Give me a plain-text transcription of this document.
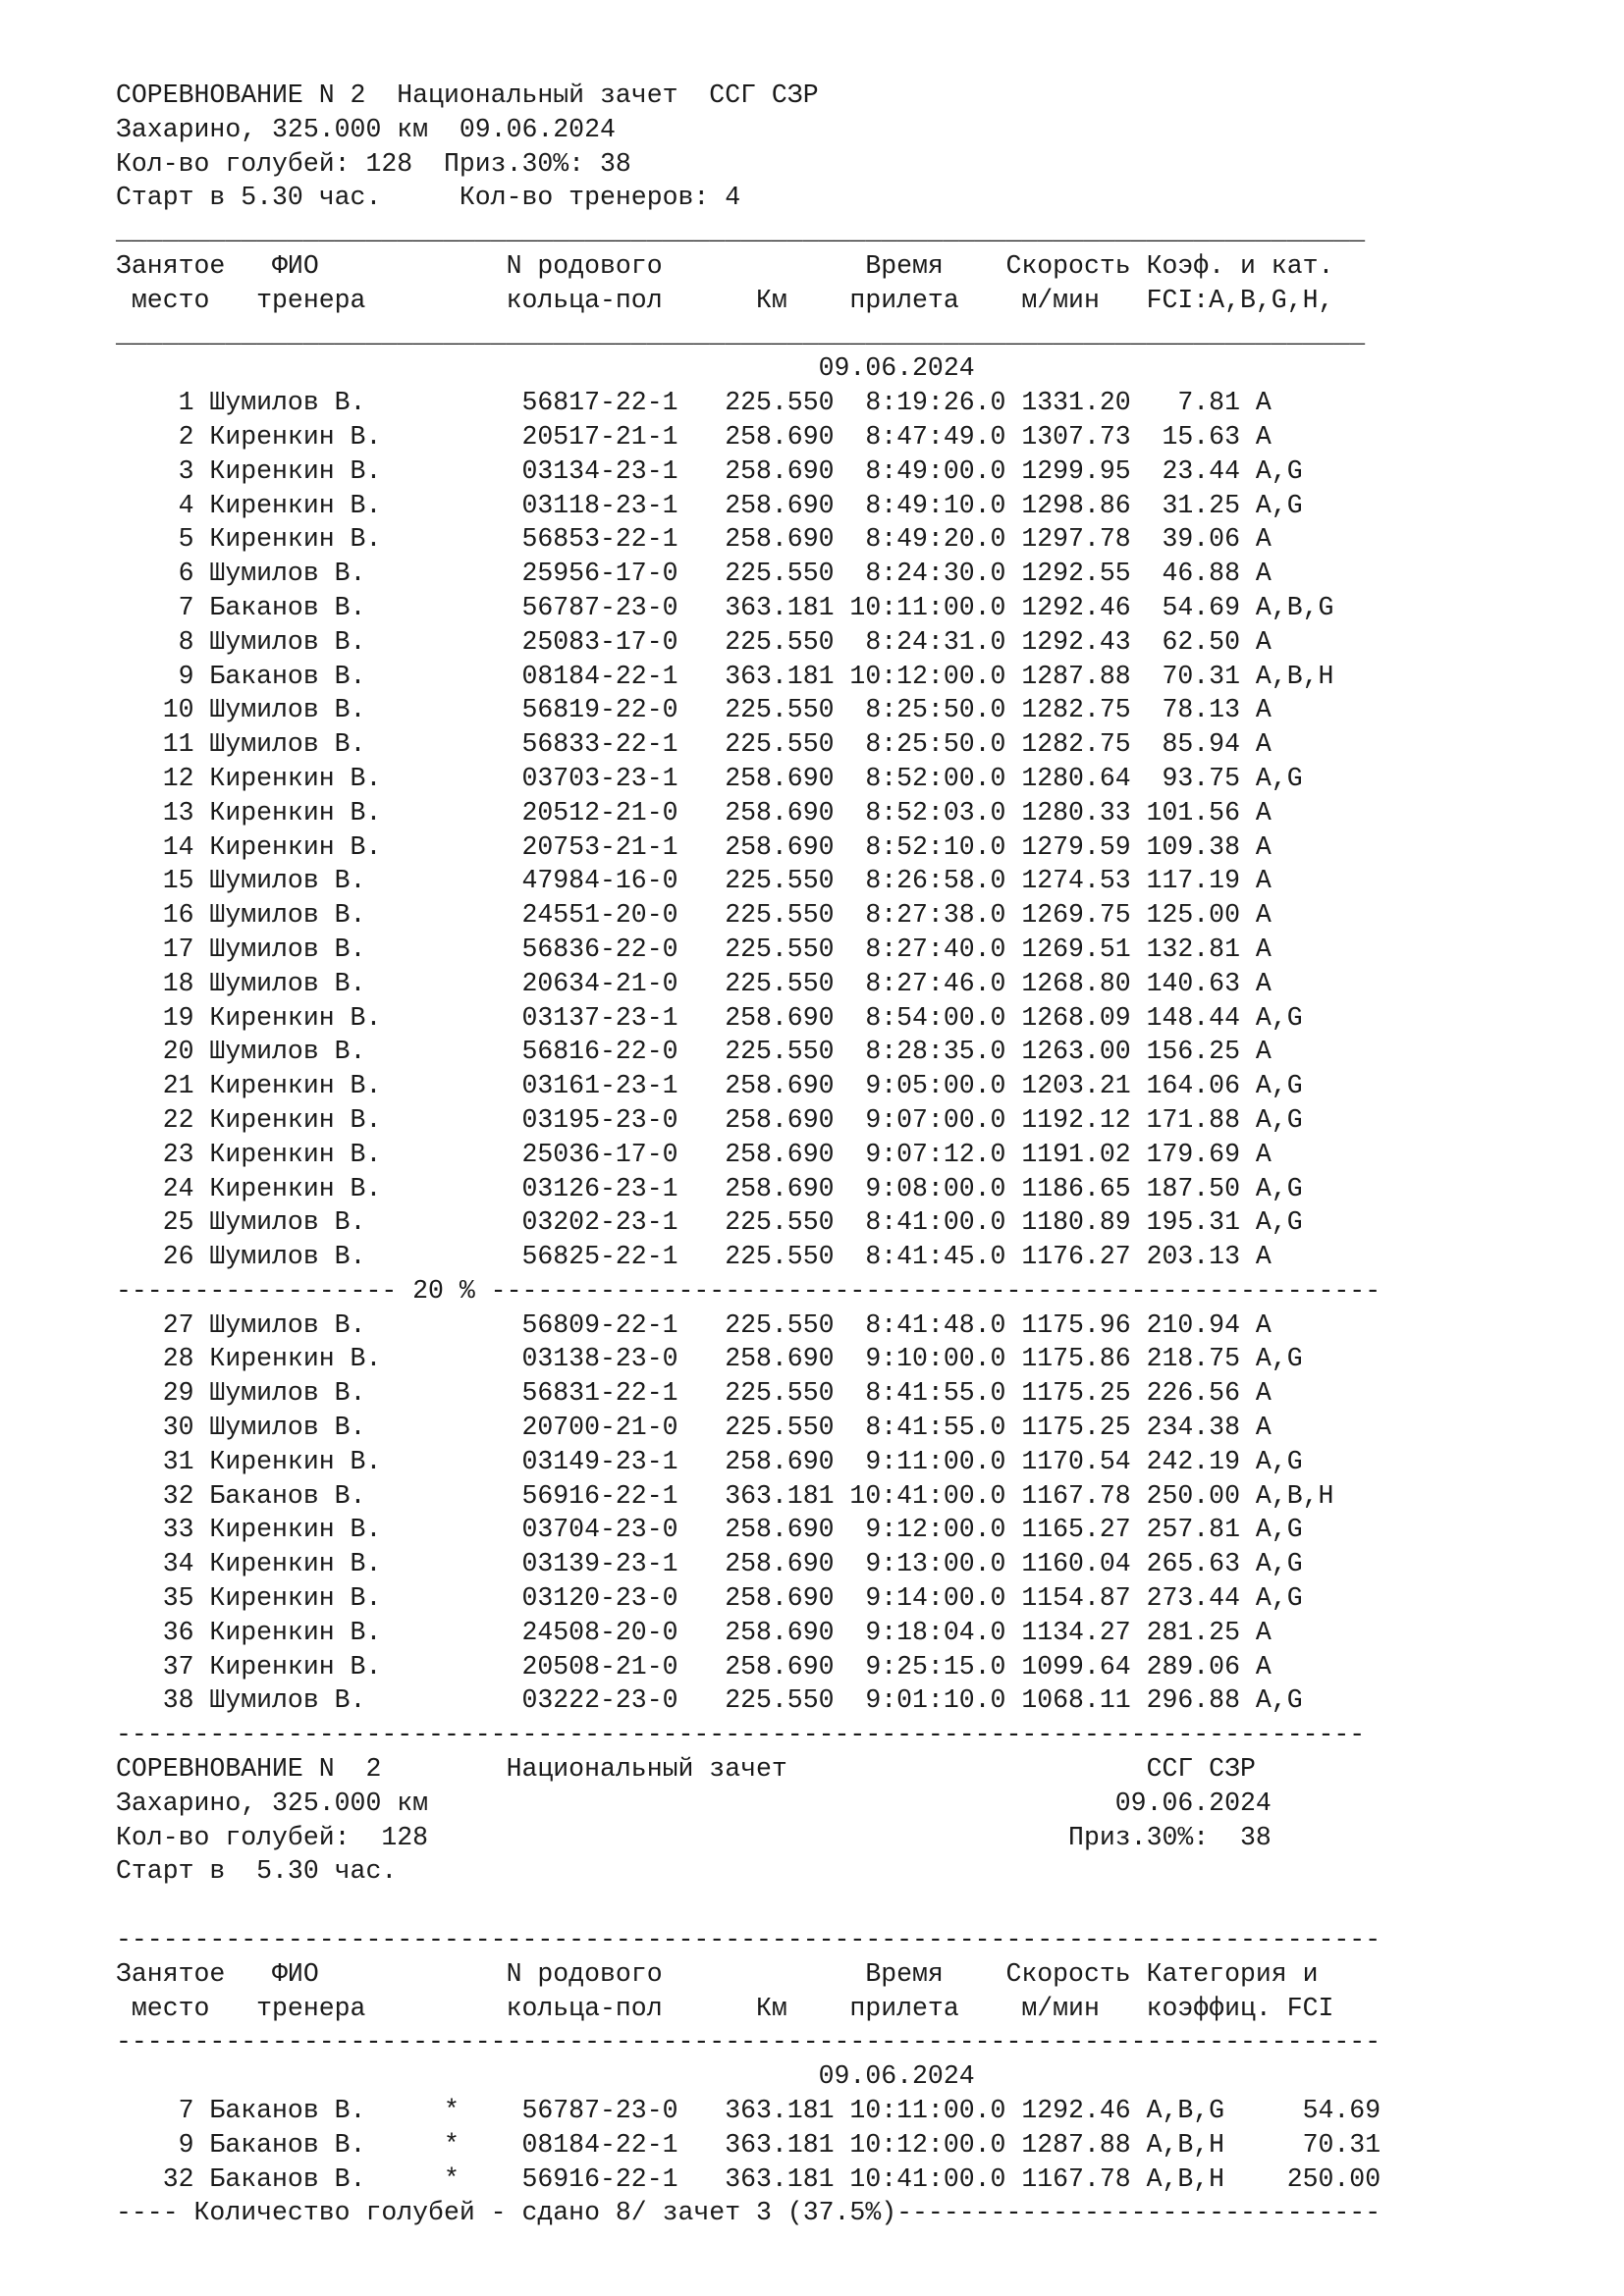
СОРЕВНОВАНИЕ N 2  Национальный зачет  ССГ СЗР
Захарино, 325.000 км  09.06.2024
Кол-во голубей: 128  Приз.30%: 38
Старт в 5.30 час.     Кол-во тренеров: 4
________________________________________________________________________________
Занятое   ФИО            N родового             Время    Скорость Коэф. и кат.
место   тренера         кольца-пол      Км    прилета    м/мин   FCI:A,B,G,H,
________________________________________________________________________________
09.06.2024
1 Шумилов В.          56817-22-1   225.550  8:19:26.0 1331.20   7.81 A
2 Киренкин В.         20517-21-1   258.690  8:47:49.0 1307.73  15.63 A
3 Киренкин В.         03134-23-1   258.690  8:49:00.0 1299.95  23.44 A,G
4 Киренкин В.         03118-23-1   258.690  8:49:10.0 1298.86  31.25 A,G
5 Киренкин В.         56853-22-1   258.690  8:49:20.0 1297.78  39.06 A
6 Шумилов В.          25956-17-0   225.550  8:24:30.0 1292.55  46.88 A
7 Баканов В.          56787-23-0   363.181 10:11:00.0 1292.46  54.69 A,B,G
8 Шумилов В.          25083-17-0   225.550  8:24:31.0 1292.43  62.50 A
9 Баканов В.          08184-22-1   363.181 10:12:00.0 1287.88  70.31 A,B,H
10 Шумилов В.          56819-22-0   225.550  8:25:50.0 1282.75  78.13 A
11 Шумилов В.          56833-22-1   225.550  8:25:50.0 1282.75  85.94 A
12 Киренкин В.         03703-23-1   258.690  8:52:00.0 1280.64  93.75 A,G
13 Киренкин В.         20512-21-0   258.690  8:52:03.0 1280.33 101.56 A
14 Киренкин В.         20753-21-1   258.690  8:52:10.0 1279.59 109.38 A
15 Шумилов В.          47984-16-0   225.550  8:26:58.0 1274.53 117.19 A
16 Шумилов В.          24551-20-0   225.550  8:27:38.0 1269.75 125.00 A
17 Шумилов В.          56836-22-0   225.550  8:27:40.0 1269.51 132.81 A
18 Шумилов В.          20634-21-0   225.550  8:27:46.0 1268.80 140.63 A
19 Киренкин В.         03137-23-1   258.690  8:54:00.0 1268.09 148.44 A,G
20 Шумилов В.          56816-22-0   225.550  8:28:35.0 1263.00 156.25 A
21 Киренкин В.         03161-23-1   258.690  9:05:00.0 1203.21 164.06 A,G
22 Киренкин В.         03195-23-0   258.690  9:07:00.0 1192.12 171.88 A,G
23 Киренкин В.         25036-17-0   258.690  9:07:12.0 1191.02 179.69 A
24 Киренкин В.         03126-23-1   258.690  9:08:00.0 1186.65 187.50 A,G
25 Шумилов В.          03202-23-1   225.550  8:41:00.0 1180.89 195.31 A,G
26 Шумилов В.          56825-22-1   225.550  8:41:45.0 1176.27 203.13 A
------------------ 20 % ---------------------------------------------------------
27 Шумилов В.          56809-22-1   225.550  8:41:48.0 1175.96 210.94 A
28 Киренкин В.         03138-23-0   258.690  9:10:00.0 1175.86 218.75 A,G
29 Шумилов В.          56831-22-1   225.550  8:41:55.0 1175.25 226.56 A
30 Шумилов В.          20700-21-0   225.550  8:41:55.0 1175.25 234.38 A
31 Киренкин В.         03149-23-1   258.690  9:11:00.0 1170.54 242.19 A,G
32 Баканов В.          56916-22-1   363.181 10:41:00.0 1167.78 250.00 A,B,H
33 Киренкин В.         03704-23-0   258.690  9:12:00.0 1165.27 257.81 A,G
34 Киренкин В.         03139-23-1   258.690  9:13:00.0 1160.04 265.63 A,G
35 Киренкин В.         03120-23-0   258.690  9:14:00.0 1154.87 273.44 A,G
36 Киренкин В.         24508-20-0   258.690  9:18:04.0 1134.27 281.25 A
37 Киренкин В.         20508-21-0   258.690  9:25:15.0 1099.64 289.06 A
38 Шумилов В.          03222-23-0   225.550  9:01:10.0 1068.11 296.88 A,G
--------------------------------------------------------------------------------
СОРЕВНОВАНИЕ N  2        Национальный зачет                       ССГ СЗР
Захарино, 325.000 км                                            09.06.2024
Кол-во голубей:  128                                         Приз.30%:  38
Старт в  5.30 час.
---------------------------------------------------------------------------------
Занятое   ФИО            N родового             Время    Скорость Категория и
место   тренера         кольца-пол      Км    прилета    м/мин   коэффиц. FCI
---------------------------------------------------------------------------------
09.06.2024
7 Баканов В.     *    56787-23-0   363.181 10:11:00.0 1292.46 A,B,G     54.69
9 Баканов В.     *    08184-22-1   363.181 10:12:00.0 1287.88 A,B,H     70.31
32 Баканов В.     *    56916-22-1   363.181 10:41:00.0 1167.78 A,B,H    250.00
---- Количество голубей - сдано 8/ зачет 3 (37.5%)-------------------------------
